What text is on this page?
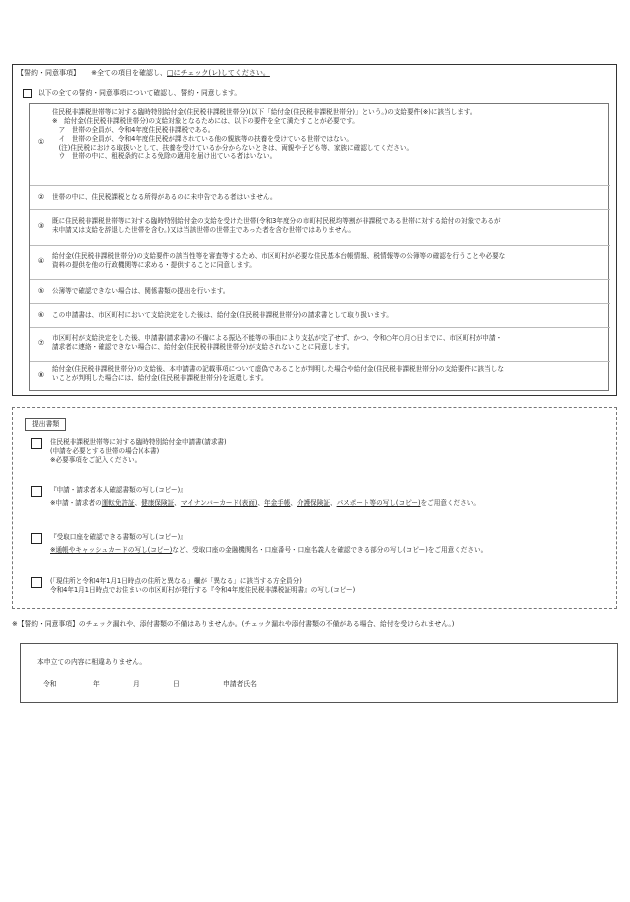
【誓約・同意事項】 ※全ての項目を確認し、□にチェック(レ)してください。
以下の全ての誓約・同意事項について確認し、誓約・同意します。
①
住民税非課税世帯等に対する臨時特別給付金(住民税非課税世帯分)(以下「給付金(住民税非課税世帯分)」という。)の支給要件(※)に該当します。
※　給付金(住民税非課税世帯分)の支給対象となるためには、以下の要件を全て満たすことが必要です。
　ア　世帯の全員が、令和4年度住民税非課税である。
　イ　世帯の全員が、令和4年度住民税が課されている他の親族等の扶養を受けている世帯ではない。
　(注)住民税における取扱いとして、扶養を受けているか分からないときは、両親や子ども等、家族に確認してください。
　ウ　世帯の中に、租税条約による免除の適用を届け出ている者はいない。
②	世帯の中に、住民税課税となる所得があるのに未申告である者はいません。
③
既に住民税非課税世帯等に対する臨時特別給付金の支給を受けた世帯(令和3年度分の市町村民税均等割が非課税である世帯に対する給付の対象であるが
未申請又は支給を辞退した世帯を含む。)又は当該世帯の世帯主であった者を含む世帯ではありません。
④
給付金(住民税非課税世帯分)の支給要件の該当性等を審査等するため、市区町村が必要な住民基本台帳情報、税情報等の公簿等の確認を行うことや必要な
資料の提供を他の行政機関等に求める・提供することに同意します。
⑤	公簿等で確認できない場合は、関係書類の提出を行います。
⑥	この申請書は、市区町村において支給決定をした後は、給付金(住民税非課税世帯分)の請求書として取り扱います。
⑦
市区町村が支給決定をした後、申請書(請求書)の不備による振込不能等の事由により支払が完了せず、かつ、令和○年○月○日までに、市区町村が申請・
請求者に連絡・確認できない場合に、給付金(住民税非課税世帯分)が支給されないことに同意します。
⑧
給付金(住民税非課税世帯分)の支給後、本申請書の記載事項について虚偽であることが判明した場合や給付金(住民税非課税世帯分)の支給要件に該当しな
いことが判明した場合には、給付金(住民税非課税世帯分)を返還します。
提出書類
住民税非課税世帯等に対する臨時特別給付金申請書(請求書)
(申請を必要とする世帯の場合)(本書)
※必要事項をご記入ください。
『申請・請求者本人確認書類の写し(コピー)』
※申請・請求者の運転免許証、健康保険証、マイナンバーカード(表面)、年金手帳、介護保険証、パスポート等の写し(コピー)をご用意ください。
『受取口座を確認できる書類の写し(コピー)』
※通帳やキャッシュカードの写し(コピー)など、受取口座の金融機関名・口座番号・口座名義人を確認できる部分の写し(コピー)をご用意ください。
(「現住所と令和4年1月1日時点の住所と異なる」欄が「異なる」に該当する方全員分)
令和4年1月1日時点でお住まいの市区町村が発行する『令和4年度住民税非課税証明書』の写し(コピー)
※【誓約・同意事項】のチェック漏れや、添付書類の不備はありませんか。(チェック漏れや添付書類の不備がある場合、給付を受けられません。)
本申立ての内容に相違ありません。
令和	年	月	日	申請者氏名
